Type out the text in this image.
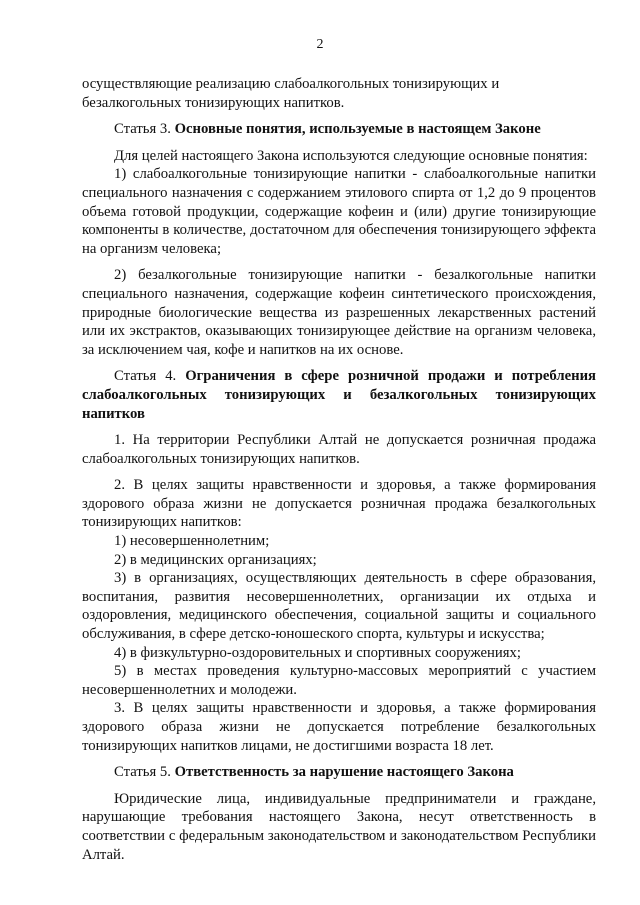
2

осуществляющие реализацию слабоалкогольных тонизирующих и

безалкогольных тонизирующих напитков.

Статья 3. Основные понятия, используемые в настоящем Законе

Для целей настоящего Закона используются следующие основные понятия:

1) слабоалкогольные тонизирующие напитки - слабоалкогольные напитки специального назначения с содержанием этилового спирта от 1,2 до 9 процентов объема готовой продукции, содержащие кофеин и (или) другие тонизирующие компоненты в количестве, достаточном для обеспечения тонизирующего эффекта на организм человека;

2) безалкогольные тонизирующие напитки - безалкогольные напитки специального назначения, содержащие кофеин синтетического происхождения, природные биологические вещества из разрешенных лекарственных растений или их экстрактов, оказывающих тонизирующее действие на организм человека, за исключением чая, кофе и напитков на их основе.

Статья 4. Ограничения в сфере розничной продажи и потребления слабоалкогольных тонизирующих и безалкогольных тонизирующих напитков

1. На территории Республики Алтай не допускается розничная продажа слабоалкогольных тонизирующих напитков.

2. В целях защиты нравственности и здоровья, а также формирования здорового образа жизни не допускается розничная продажа безалкогольных тонизирующих напитков:

1) несовершеннолетним;

2) в медицинских организациях;

3) в организациях, осуществляющих деятельность в сфере образования, воспитания, развития несовершеннолетних, организации их отдыха и оздоровления, медицинского обеспечения, социальной защиты и социального обслуживания, в сфере детско-юношеского спорта, культуры и искусства;

4) в физкультурно-оздоровительных и спортивных сооружениях;

5) в местах проведения культурно-массовых мероприятий с участием несовершеннолетних и молодежи.

3. В целях защиты нравственности и здоровья, а также формирования здорового образа жизни не допускается потребление безалкогольных тонизирующих напитков лицами, не достигшими возраста 18 лет.

Статья 5. Ответственность за нарушение настоящего Закона

Юридические лица, индивидуальные предприниматели и граждане, нарушающие требования настоящего Закона, несут ответственность в соответствии с федеральным законодательством и законодательством Республики Алтай.
